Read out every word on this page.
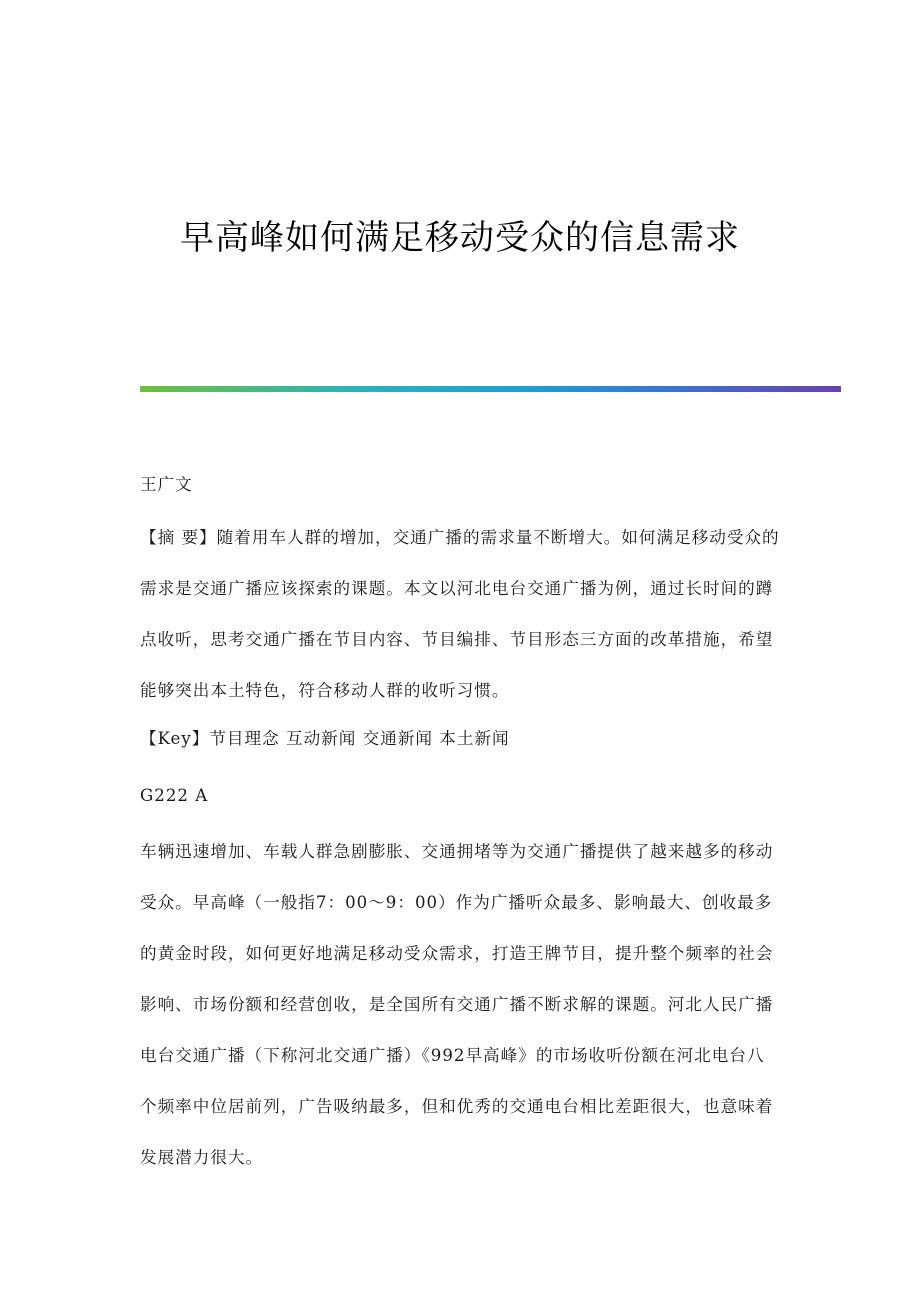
早高峰如何满足移动受众的信息需求

王广文

【摘 要】随着用车人群的增加，交通广播的需求量不断增大。如何满足移动受众的需求是交通广播应该探索的课题。本文以河北电台交通广播为例，通过长时间的蹲点收听，思考交通广播在节目内容、节目编排、节目形态三方面的改革措施，希望能够突出本土特色，符合移动人群的收听习惯。

【Key】节目理念 互动新闻 交通新闻 本土新闻

G222 A

车辆迅速增加、车载人群急剧膨胀、交通拥堵等为交通广播提供了越来越多的移动受众。早高峰（一般指7：00～9：00）作为广播听众最多、影响最大、创收最多的黄金时段，如何更好地满足移动受众需求，打造王牌节目，提升整个频率的社会影响、市场份额和经营创收，是全国所有交通广播不断求解的课题。河北人民广播电台交通广播（下称河北交通广播）《992早高峰》的市场收听份额在河北电台八个频率中位居前列，广告吸纳最多，但和优秀的交通电台相比差距很大，也意味着发展潜力很大。
